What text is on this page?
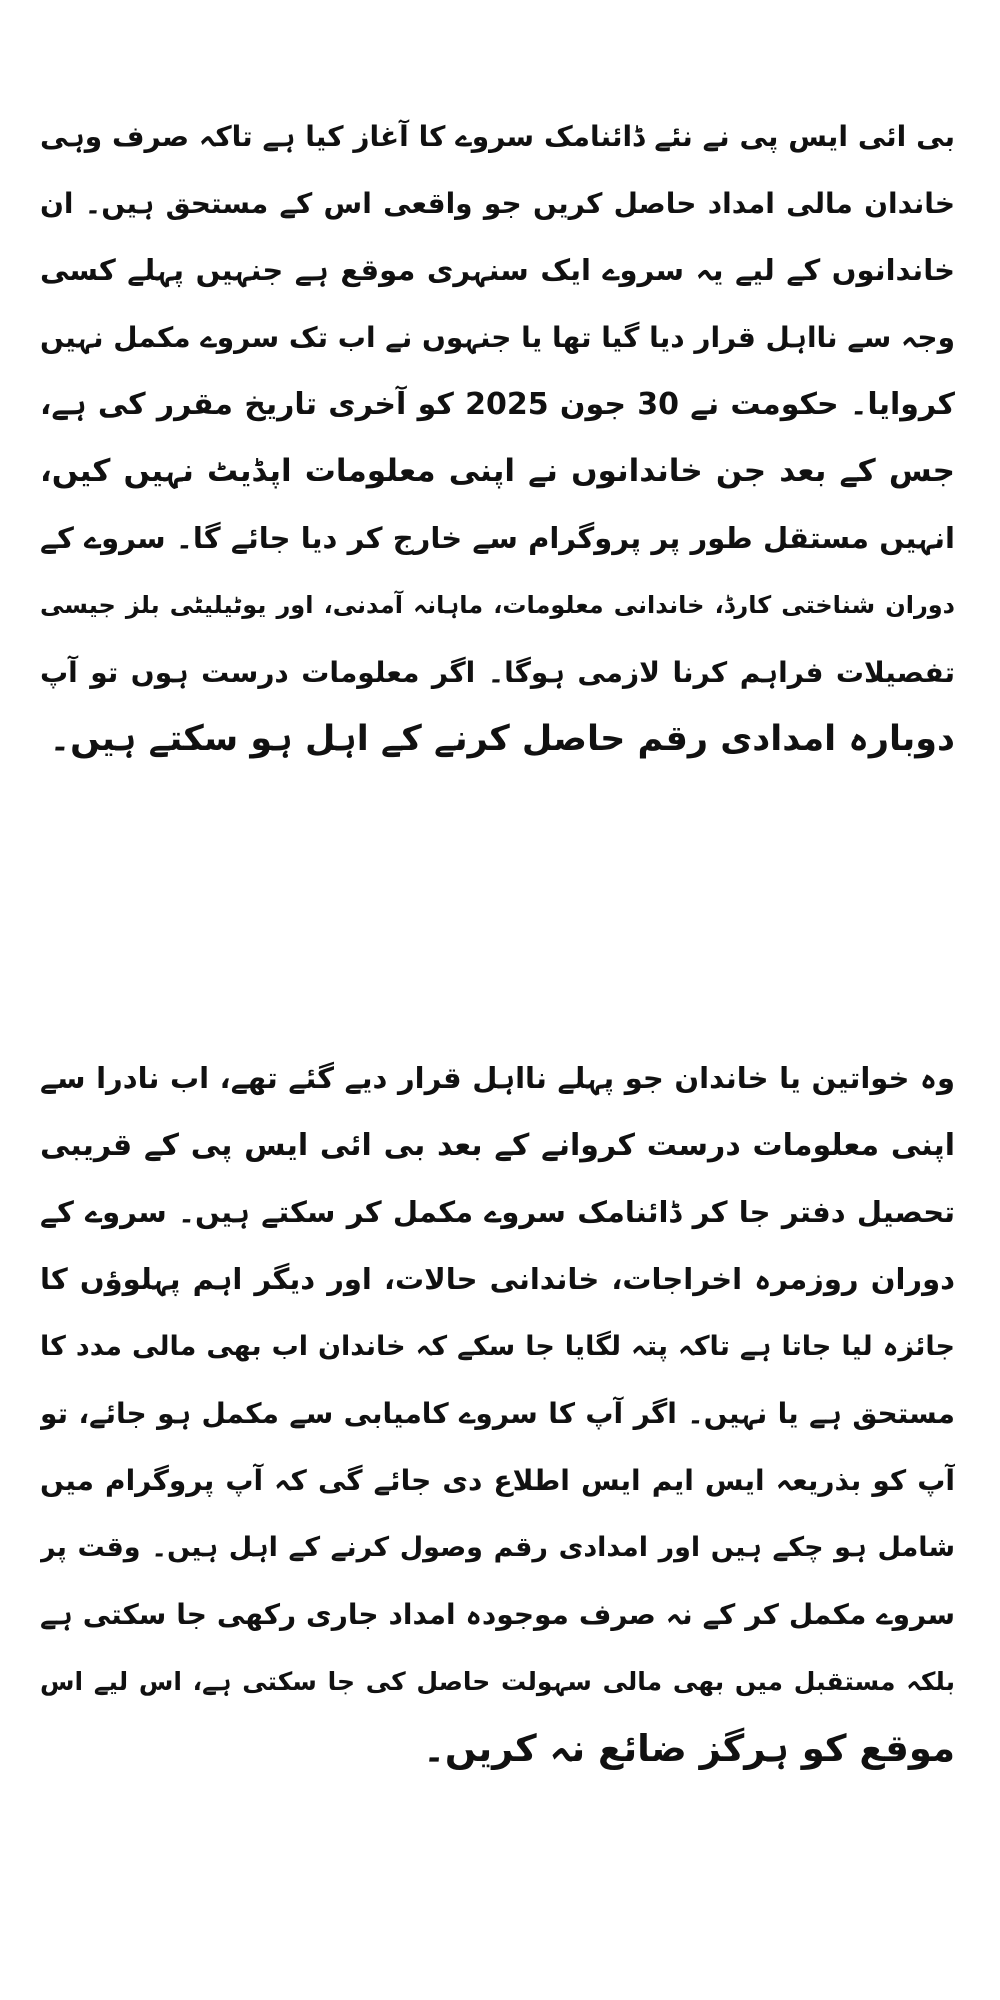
بی ائی ایس پی نے نئے ڈائنامک سروے کا آغاز کیا ہے تاکہ صرف وہی
خاندان مالی امداد حاصل کریں جو واقعی اس کے مستحق ہیں۔ ان
خاندانوں کے لیے یہ سروے ایک سنہری موقع ہے جنہیں پہلے کسی
وجہ سے نااہل قرار دیا گیا تھا یا جنہوں نے اب تک سروے مکمل نہیں
کروایا۔ حکومت نے 30 جون 2025 کو آخری تاریخ مقرر کی ہے،
جس کے بعد جن خاندانوں نے اپنی معلومات اپڈیٹ نہیں کیں،
انہیں مستقل طور پر پروگرام سے خارج کر دیا جائے گا۔ سروے کے
دوران شناختی کارڈ، خاندانی معلومات، ماہانہ آمدنی، اور یوٹیلیٹی بلز جیسی
تفصیلات فراہم کرنا لازمی ہوگا۔ اگر معلومات درست ہوں تو آپ
دوبارہ امدادی رقم حاصل کرنے کے اہل ہو سکتے ہیں۔
وہ خواتین یا خاندان جو پہلے نااہل قرار دیے گئے تھے، اب نادرا سے
اپنی معلومات درست کروانے کے بعد بی ائی ایس پی کے قریبی
تحصیل دفتر جا کر ڈائنامک سروے مکمل کر سکتے ہیں۔ سروے کے
دوران روزمرہ اخراجات، خاندانی حالات، اور دیگر اہم پہلوؤں کا
جائزہ لیا جاتا ہے تاکہ پتہ لگایا جا سکے کہ خاندان اب بھی مالی مدد کا
مستحق ہے یا نہیں۔ اگر آپ کا سروے کامیابی سے مکمل ہو جائے، تو
آپ کو بذریعہ ایس ایم ایس اطلاع دی جائے گی کہ آپ پروگرام میں
شامل ہو چکے ہیں اور امدادی رقم وصول کرنے کے اہل ہیں۔ وقت پر
سروے مکمل کر کے نہ صرف موجودہ امداد جاری رکھی جا سکتی ہے
بلکہ مستقبل میں بھی مالی سہولت حاصل کی جا سکتی ہے، اس لیے اس
موقع کو ہرگز ضائع نہ کریں۔
